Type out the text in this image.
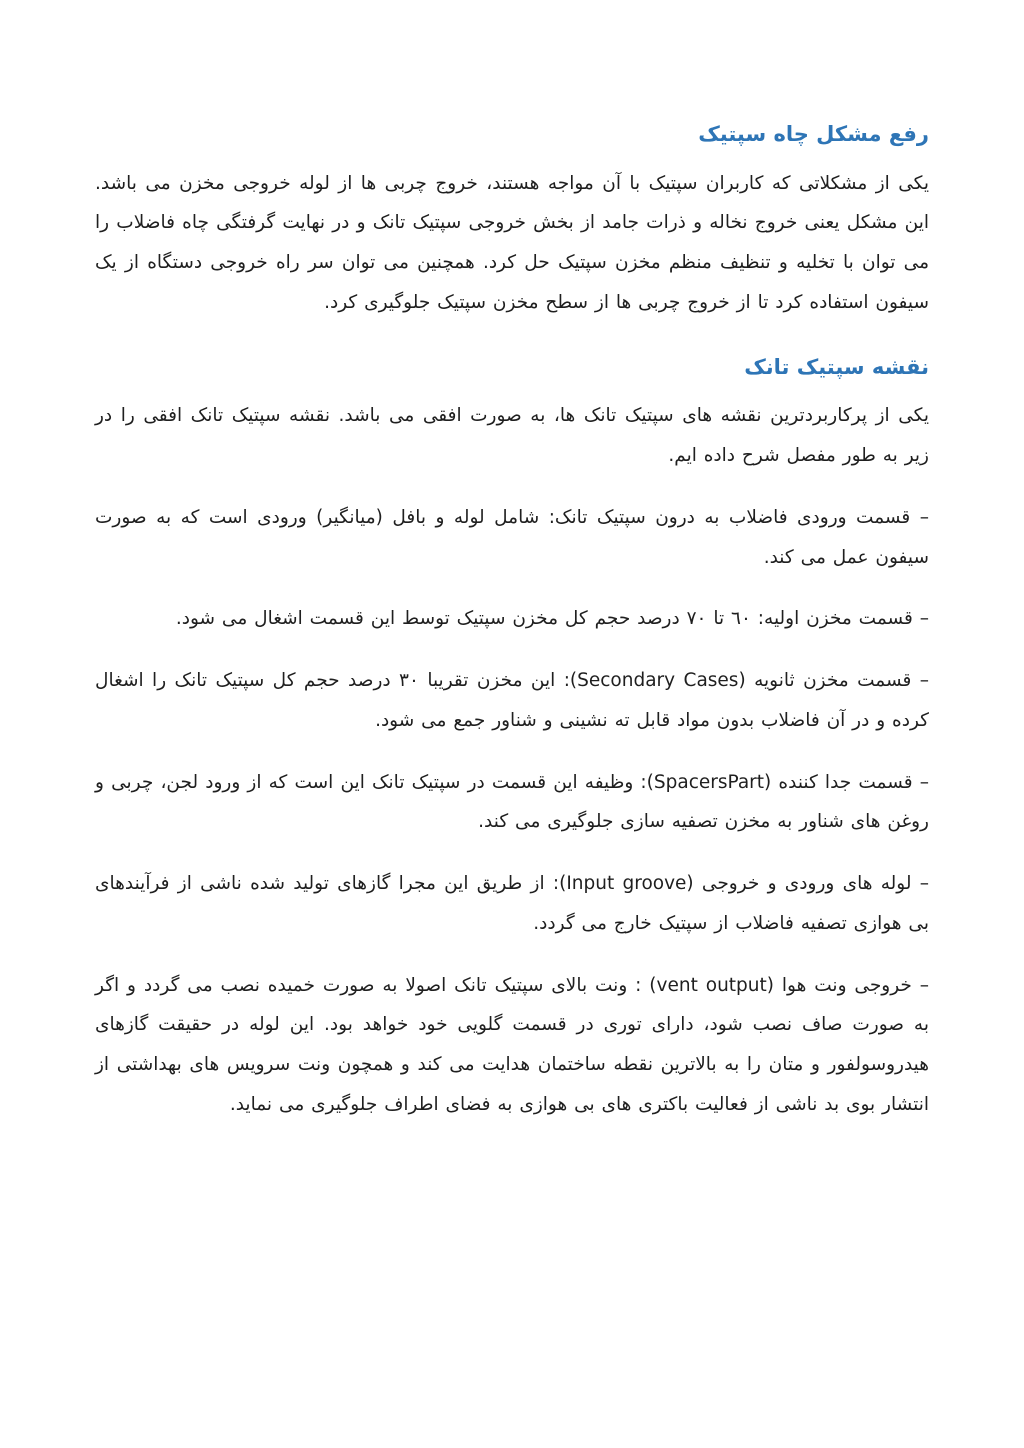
رفع مشکل چاه سپتیک

یکی از مشکلاتی که کاربران سپتیک با آن مواجه هستند، خروج چربی ها از لوله خروجی مخزن می باشد. این مشکل یعنی خروج نخاله و ذرات جامد از بخش خروجی سپتیک تانک و در نهایت گرفتگی چاه فاضلاب را می توان با تخلیه و تنظیف منظم مخزن سپتیک حل کرد. همچنین می توان سر راه خروجی دستگاه از یک سیفون استفاده کرد تا از خروج چربی ها از سطح مخزن سپتیک جلوگیری کرد.

نقشه سپتیک تانک

یکی از پرکاربردترین نقشه های سپتیک تانک ها، به صورت افقی می باشد. نقشه سپتیک تانک افقی را در زیر به طور مفصل شرح داده ایم.

– قسمت ورودی فاضلاب به درون سپتیک تانک: شامل لوله و بافل (میانگیر) ورودی است که به صورت سیفون عمل می کند.

– قسمت مخزن اولیه: ٦٠ تا ٧٠ درصد حجم کل مخزن سپتیک توسط این قسمت اشغال می شود.

– قسمت مخزن ثانویه (Secondary Cases): این مخزن تقریبا ٣٠ درصد حجم کل سپتیک تانک را اشغال کرده و در آن فاضلاب بدون مواد قابل ته نشینی و شناور جمع می شود.

– قسمت جدا کننده (SpacersPart): وظیفه این قسمت در سپتیک تانک این است که از ورود لجن، چربی و روغن های شناور به مخزن تصفیه سازی جلوگیری می کند.

– لوله های ورودی و خروجی (Input groove): از طریق این مجرا گازهای تولید شده ناشی از فرآیندهای بی هوازی تصفیه فاضلاب از سپتیک خارج می گردد.

– خروجی ونت هوا (vent output) : ونت بالای سپتیک تانک اصولا به صورت خمیده نصب می گردد و اگر به صورت صاف نصب شود، دارای توری در قسمت گلویی خود خواهد بود. این لوله در حقیقت گازهای هیدروسولفور و متان را به بالاترین نقطه ساختمان هدایت می کند و همچون ونت سرویس های بهداشتی از انتشار بوی بد ناشی از فعالیت باکتری های بی هوازی به فضای اطراف جلوگیری می نماید.
